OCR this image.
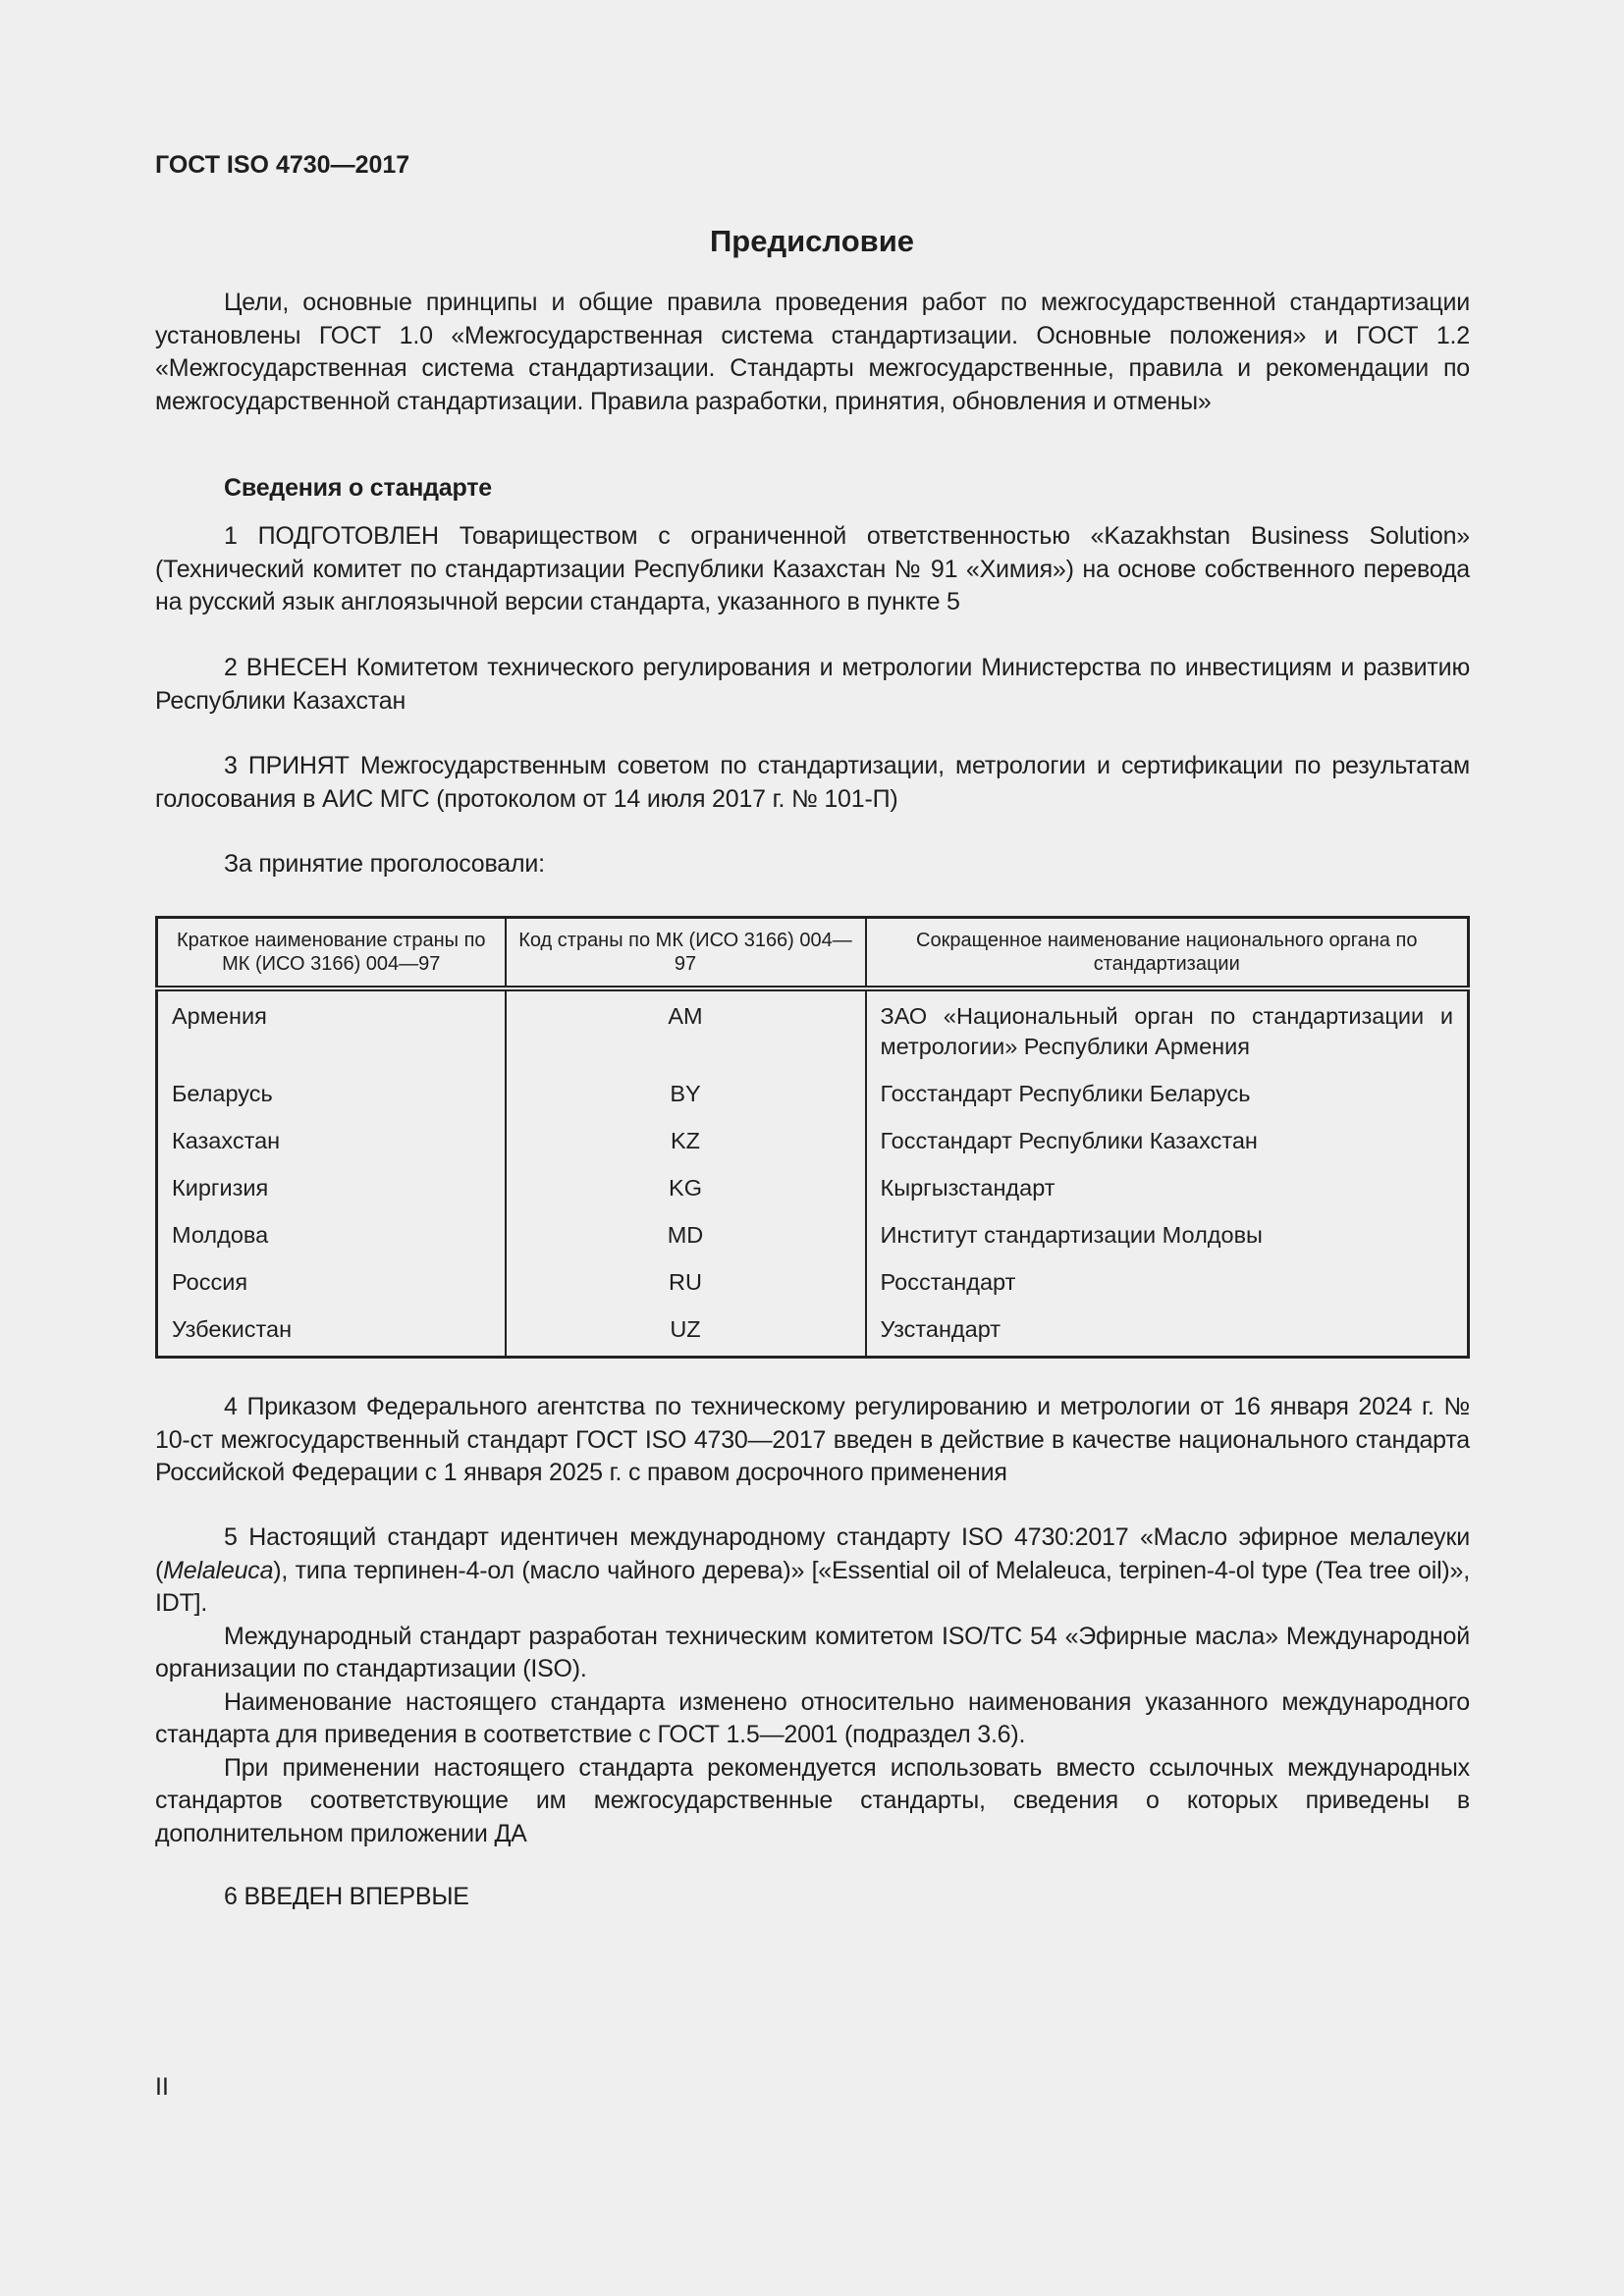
ГОСТ ISO 4730—2017
Предисловие

Цели, основные принципы и общие правила проведения работ по межгосударственной стандартизации установлены ГОСТ 1.0 «Межгосударственная система стандартизации. Основные положения» и ГОСТ 1.2 «Межгосударственная система стандартизации. Стандарты межгосударственные, правила и рекомендации по межгосударственной стандартизации. Правила разработки, принятия, обновления и отмены»

Сведения о стандарте

1 ПОДГОТОВЛЕН Товариществом с ограниченной ответственностью «Kazakhstan Business Solution» (Технический комитет по стандартизации Республики Казахстан № 91 «Химия») на основе собственного перевода на русский язык англоязычной версии стандарта, указанного в пункте 5

2 ВНЕСЕН Комитетом технического регулирования и метрологии Министерства по инвестициям и развитию Республики Казахстан

3 ПРИНЯТ Межгосударственным советом по стандартизации, метрологии и сертификации по результатам голосования в АИС МГС (протоколом от 14 июля 2017 г. № 101-П)

За принятие проголосовали:

Краткое наименование страны по МК (ИСО 3166) 004—97	Код страны по МК (ИСО 3166) 004—97	Сокращенное наименование национального органа по стандартизации
Армения	AM	ЗАО «Национальный орган по стандартизации и метрологии» Республики Армения
Беларусь	BY	Госстандарт Республики Беларусь
Казахстан	KZ	Госстандарт Республики Казахстан
Киргизия	KG	Кыргызстандарт
Молдова	MD	Институт стандартизации Молдовы
Россия	RU	Росстандарт
Узбекистан	UZ	Узстандарт

4 Приказом Федерального агентства по техническому регулированию и метрологии от 16 января 2024 г. № 10-ст межгосударственный стандарт ГОСТ ISO 4730—2017 введен в действие в качестве национального стандарта Российской Федерации с 1 января 2025 г. с правом досрочного применения

5 Настоящий стандарт идентичен международному стандарту ISO 4730:2017 «Масло эфирное мелалеуки (Melaleuca), типа терпинен-4-ол (масло чайного дерева)» [«Essential oil of Melaleuca, terpinen-4-ol type (Tea tree oil)», IDT].

Международный стандарт разработан техническим комитетом ISO/TC 54 «Эфирные масла» Международной организации по стандартизации (ISO).

Наименование настоящего стандарта изменено относительно наименования указанного международного стандарта для приведения в соответствие с ГОСТ 1.5—2001 (подраздел 3.6).

При применении настоящего стандарта рекомендуется использовать вместо ссылочных международных стандартов соответствующие им межгосударственные стандарты, сведения о которых приведены в дополнительном приложении ДА

6 ВВЕДЕН ВПЕРВЫЕ

II
